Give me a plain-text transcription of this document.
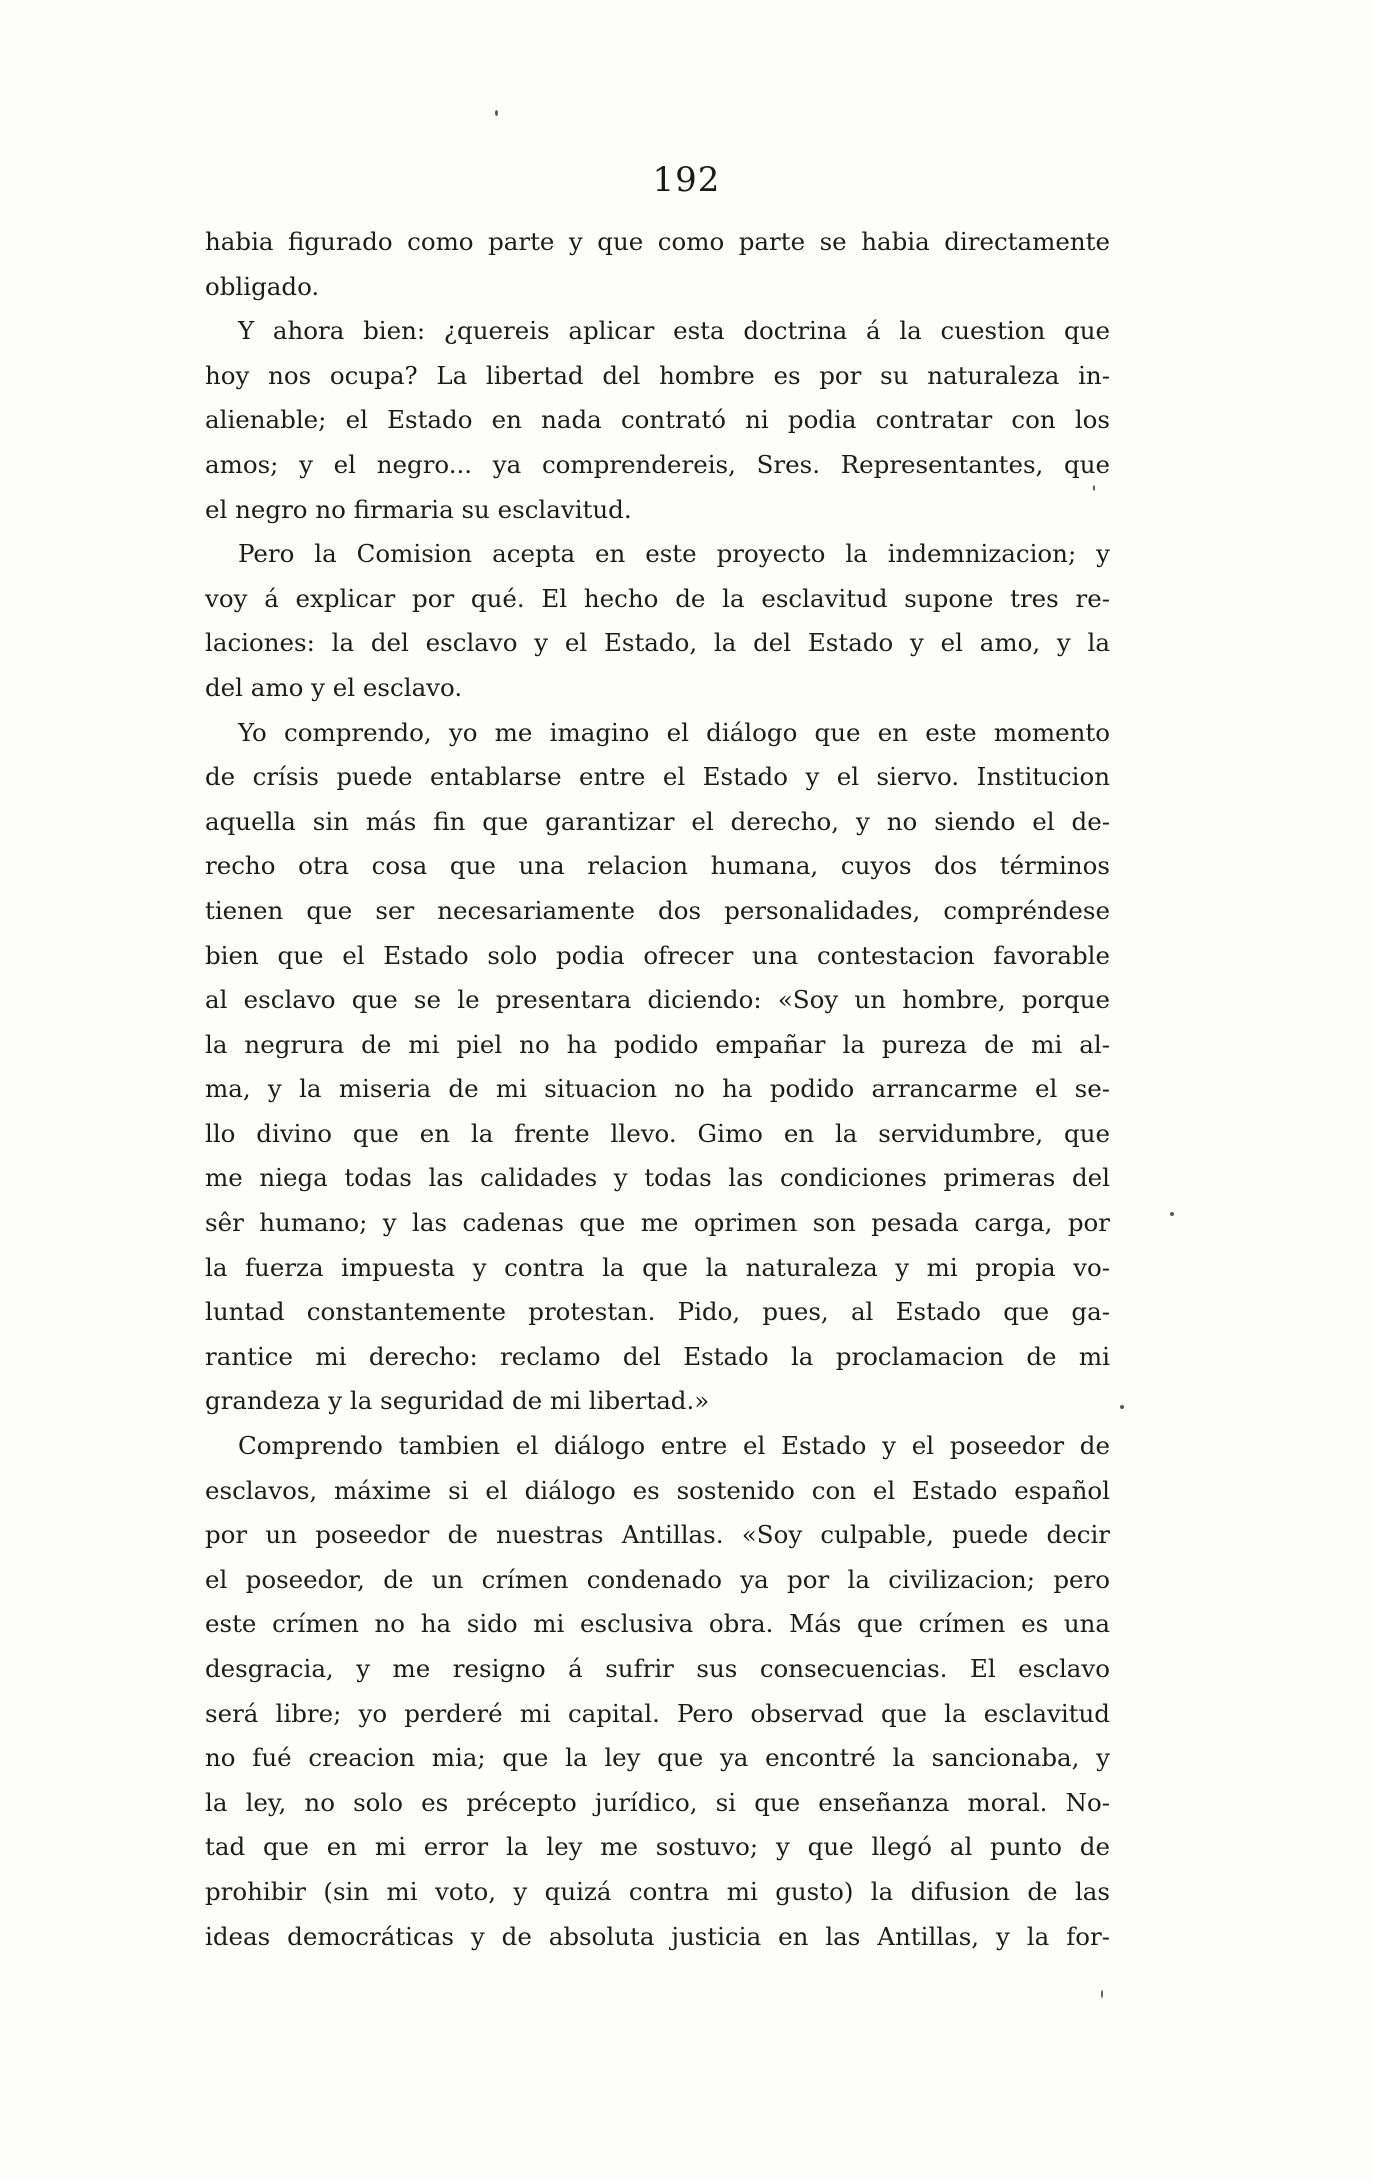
192
habia figurado como parte y que como parte se habia directamente
obligado.
Y ahora bien: ¿quereis aplicar esta doctrina á la cuestion que
hoy nos ocupa? La libertad del hombre es por su naturaleza in-
alienable; el Estado en nada contrató ni podia contratar con los
amos; y el negro... ya comprendereis, Sres. Representantes, que
el negro no firmaria su esclavitud.
Pero la Comision acepta en este proyecto la indemnizacion; y
voy á explicar por qué. El hecho de la esclavitud supone tres re-
laciones: la del esclavo y el Estado, la del Estado y el amo, y la
del amo y el esclavo.
Yo comprendo, yo me imagino el diálogo que en este momento
de crísis puede entablarse entre el Estado y el siervo. Institucion
aquella sin más fin que garantizar el derecho, y no siendo el de-
recho otra cosa que una relacion humana, cuyos dos términos
tienen que ser necesariamente dos personalidades, compréndese
bien que el Estado solo podia ofrecer una contestacion favorable
al esclavo que se le presentara diciendo: «Soy un hombre, porque
la negrura de mi piel no ha podido empañar la pureza de mi al-
ma, y la miseria de mi situacion no ha podido arrancarme el se-
llo divino que en la frente llevo. Gimo en la servidumbre, que
me niega todas las calidades y todas las condiciones primeras del
sêr humano; y las cadenas que me oprimen son pesada carga, por
la fuerza impuesta y contra la que la naturaleza y mi propia vo-
luntad constantemente protestan. Pido, pues, al Estado que ga-
rantice mi derecho: reclamo del Estado la proclamacion de mi
grandeza y la seguridad de mi libertad.»
Comprendo tambien el diálogo entre el Estado y el poseedor de
esclavos, máxime si el diálogo es sostenido con el Estado español
por un poseedor de nuestras Antillas. «Soy culpable, puede decir
el poseedor, de un crímen condenado ya por la civilizacion; pero
este crímen no ha sido mi esclusiva obra. Más que crímen es una
desgracia, y me resigno á sufrir sus consecuencias. El esclavo
será libre; yo perderé mi capital. Pero observad que la esclavitud
no fué creacion mia; que la ley que ya encontré la sancionaba, y
la ley, no solo es précepto jurídico, si que enseñanza moral. No-
tad que en mi error la ley me sostuvo; y que llegó al punto de
prohibir (sin mi voto, y quizá contra mi gusto) la difusion de las
ideas democráticas y de absoluta justicia en las Antillas, y la for-
